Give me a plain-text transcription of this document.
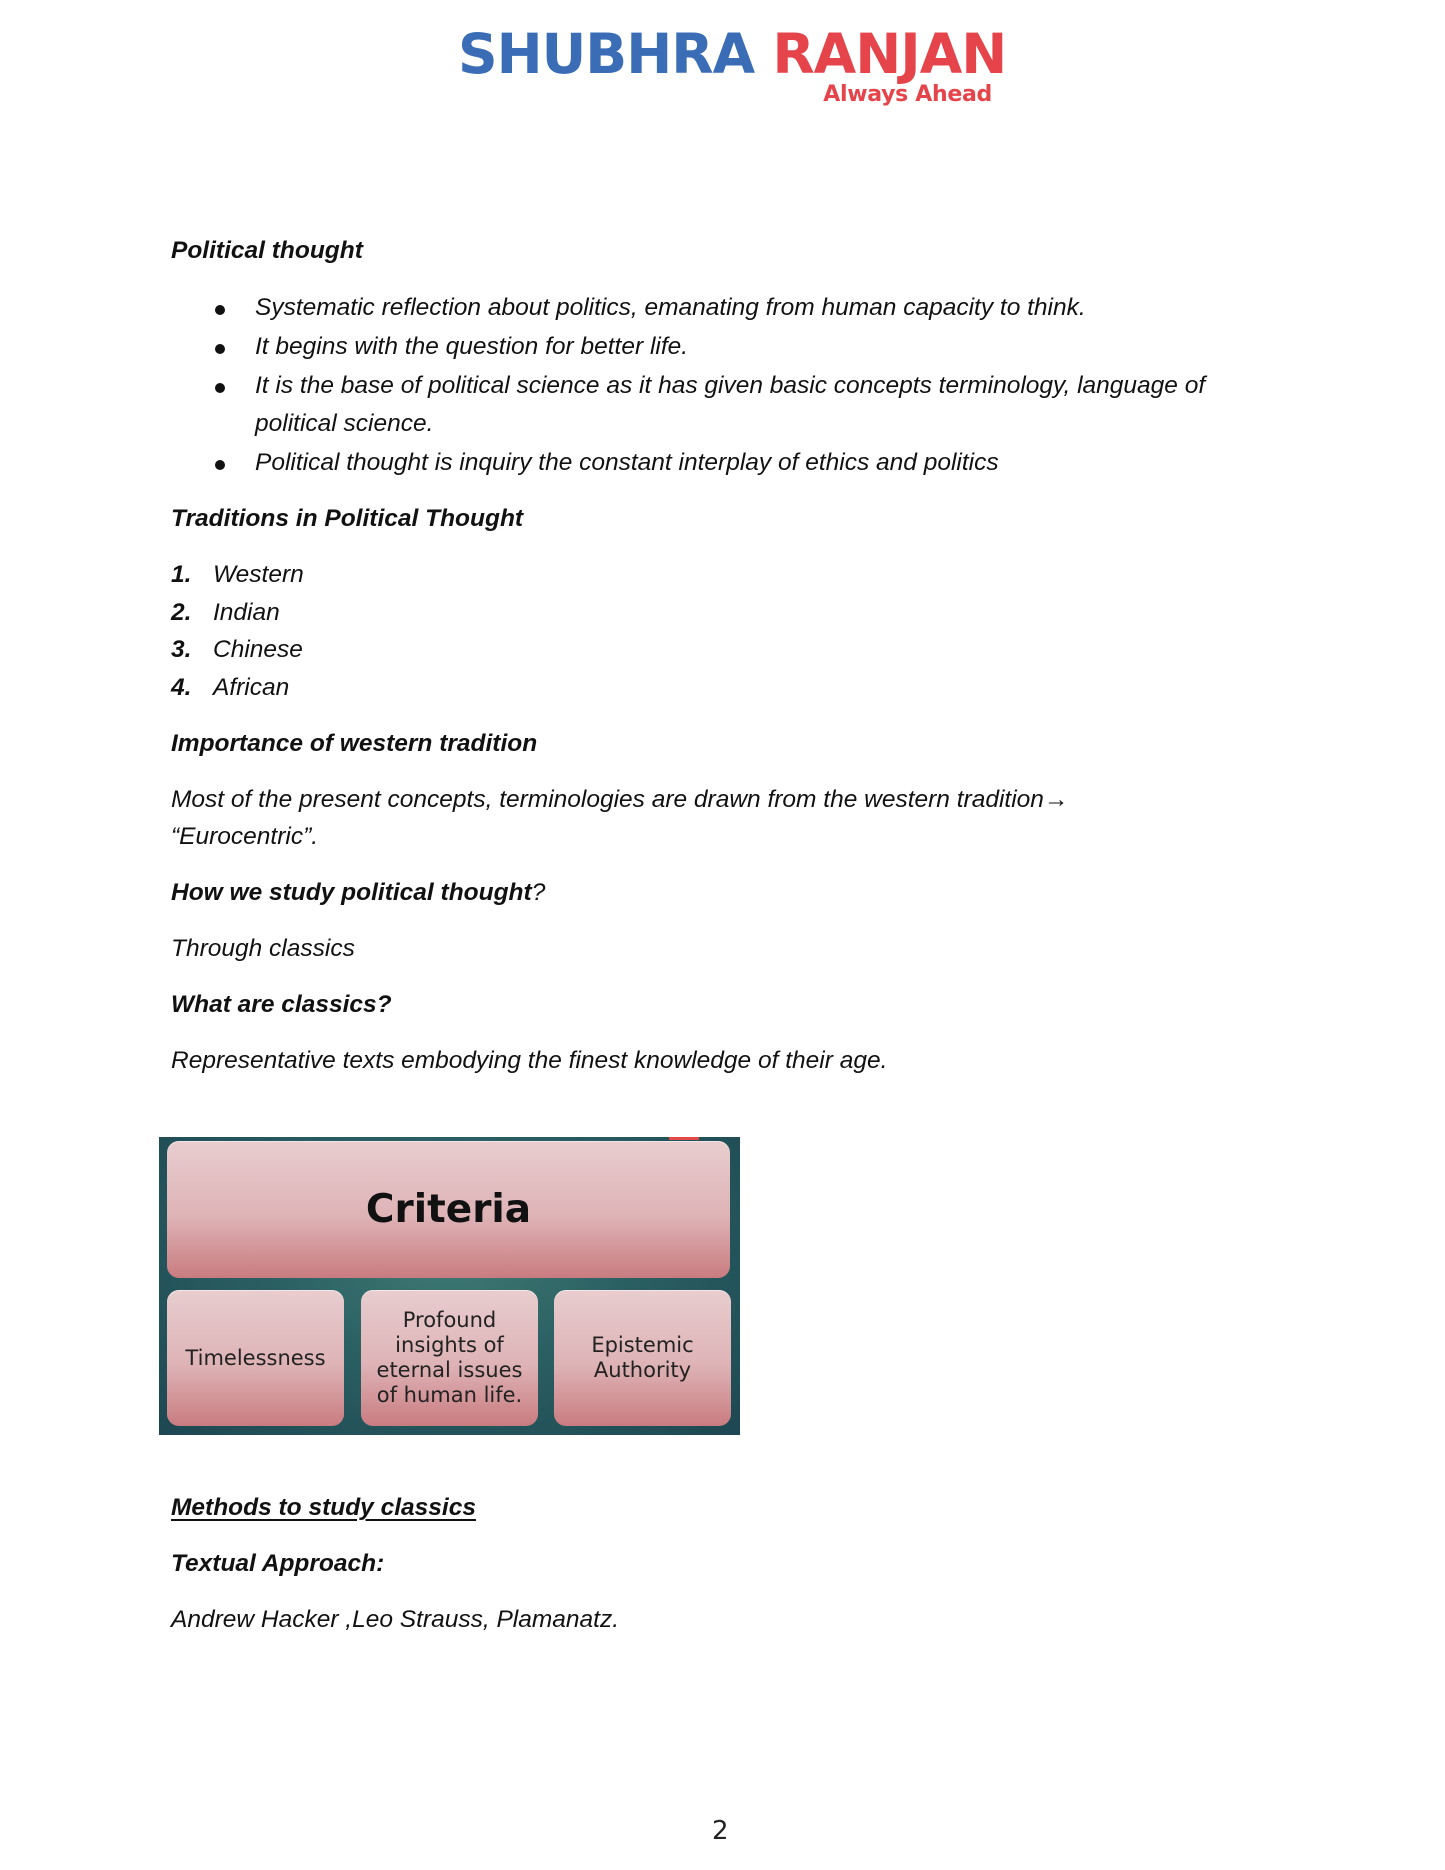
SHUBHRA RANJAN
Always Ahead
Political thought
Systematic reflection about politics, emanating from human capacity to think.
It begins with the question for better life.
It is the base of political science as it has given basic concepts terminology, language of
political science.
Political thought is inquiry the constant interplay of ethics and politics
Traditions in Political Thought
1. Western
2. Indian
3. Chinese
4. African
Importance of western tradition
Most of the present concepts, terminologies are drawn from the western tradition→
“Eurocentric”.
How we study political thought?
Through classics
What are classics?
Representative texts embodying the finest knowledge of their age.
Methods to study classics
Textual Approach:
Andrew Hacker ,Leo Strauss, Plamanatz.
Criteria
Timelessness
Profound insights of eternal issues of human life.
Epistemic Authority
2
